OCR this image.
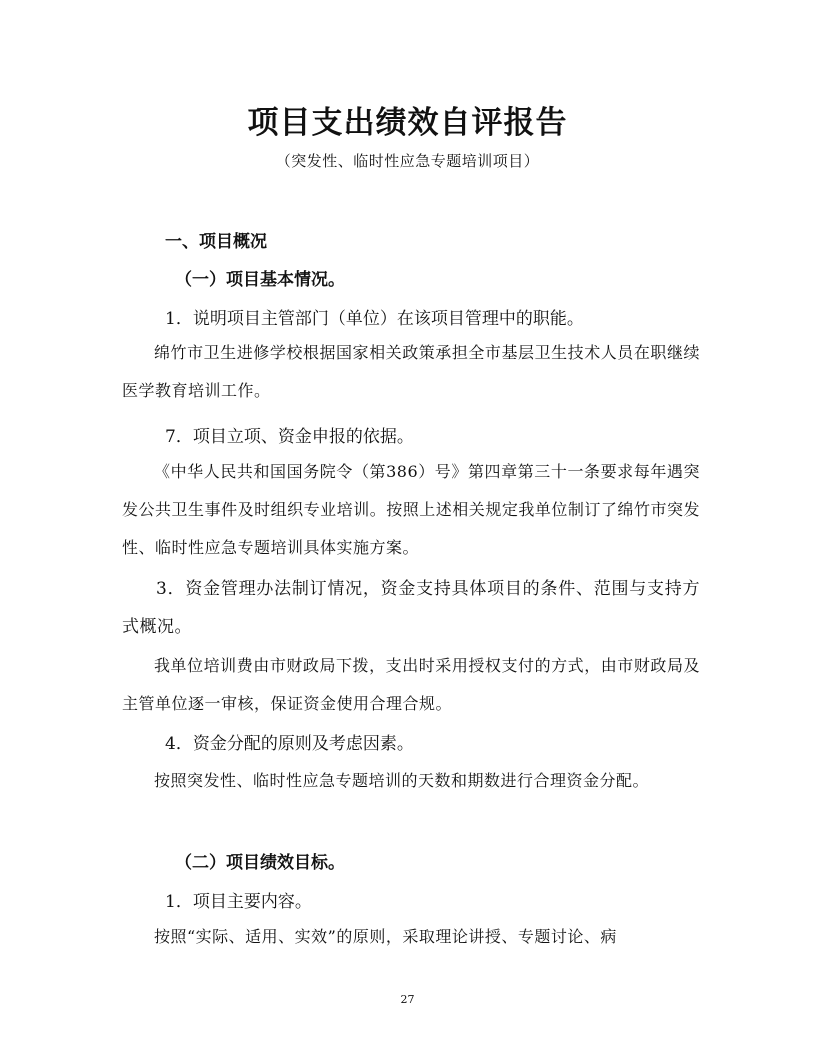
项目支出绩效自评报告
（突发性、临时性应急专题培训项目）
一、项目概况
（一）项目基本情况。
1．说明项目主管部门（单位）在该项目管理中的职能。
绵竹市卫生进修学校根据国家相关政策承担全市基层卫生技术人员在职继续医学教育培训工作。
7．项目立项、资金申报的依据。
《中华人民共和国国务院令（第386）号》第四章第三十一条要求每年遇突发公共卫生事件及时组织专业培训。按照上述相关规定我单位制订了绵竹市突发性、临时性应急专题培训具体实施方案。
3．资金管理办法制订情况，资金支持具体项目的条件、范围与支持方式概况。
我单位培训费由市财政局下拨，支出时采用授权支付的方式，由市财政局及主管单位逐一审核，保证资金使用合理合规。
4．资金分配的原则及考虑因素。
按照突发性、临时性应急专题培训的天数和期数进行合理资金分配。
（二）项目绩效目标。
1．项目主要内容。
按照“实际、适用、实效”的原则，采取理论讲授、专题讨论、病
27
